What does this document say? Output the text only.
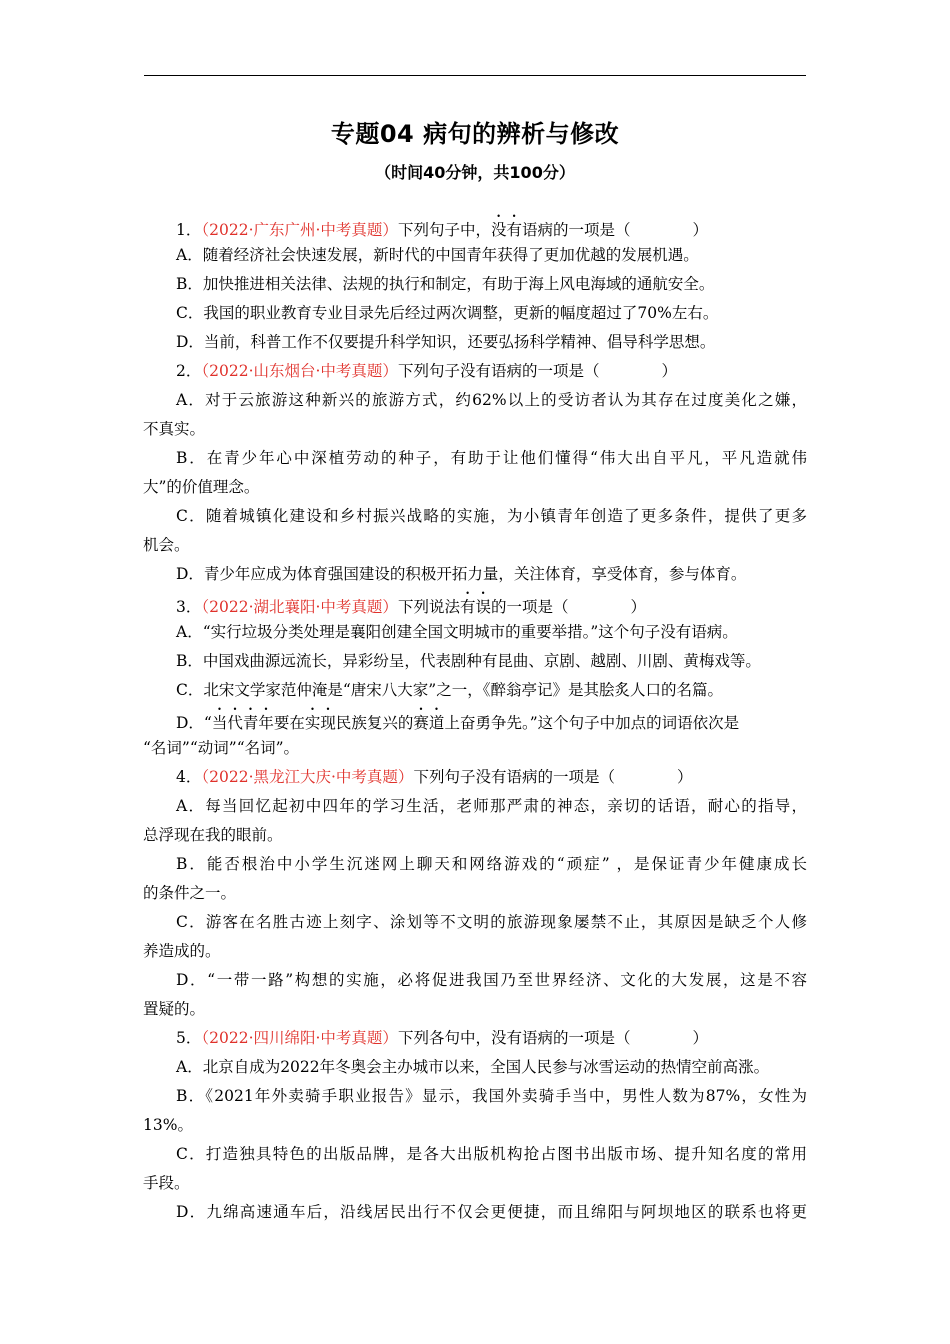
专题04 病句的辨析与修改
（时间40分钟，共100分）
1．（2022·广东广州·中考真题）下列句子中，没有语病的一项是（	）
A．随着经济社会快速发展，新时代的中国青年获得了更加优越的发展机遇。
B．加快推进相关法律、法规的执行和制定，有助于海上风电海域的通航安全。
C．我国的职业教育专业目录先后经过两次调整，更新的幅度超过了70%左右。
D．当前，科普工作不仅要提升科学知识，还要弘扬科学精神、倡导科学思想。
2．（2022·山东烟台·中考真题）下列句子没有语病的一项是（	）
A．对于云旅游这种新兴的旅游方式，约62%以上的受访者认为其存在过度美化之嫌，
不真实。
B．在青少年心中深植劳动的种子，有助于让他们懂得“伟大出自平凡，平凡造就伟
大”的价值理念。
C．随着城镇化建设和乡村振兴战略的实施，为小镇青年创造了更多条件，提供了更多
机会。
D．青少年应成为体育强国建设的积极开拓力量，关注体育，享受体育，参与体育。
3．（2022·湖北襄阳·中考真题）下列说法有误的一项是（	）
A．“实行垃圾分类处理是襄阳创建全国文明城市的重要举措。”这个句子没有语病。
B．中国戏曲源远流长，异彩纷呈，代表剧种有昆曲、京剧、越剧、川剧、黄梅戏等。
C．北宋文学家范仲淹是“唐宋八大家”之一，《醉翁亭记》是其脍炙人口的名篇。
D．“当代青年要在实现民族复兴的赛道上奋勇争先。”这个句子中加点的词语依次是
“名词”“动词”“名词”。
4．（2022·黑龙江大庆·中考真题）下列句子没有语病的一项是（	）
A．每当回忆起初中四年的学习生活，老师那严肃的神态，亲切的话语，耐心的指导，
总浮现在我的眼前。
B．能否根治中小学生沉迷网上聊天和网络游戏的“顽症” ，是保证青少年健康成长
的条件之一。
C．游客在名胜古迹上刻字、涂划等不文明的旅游现象屡禁不止，其原因是缺乏个人修
养造成的。
D．“一带一路”构想的实施，必将促进我国乃至世界经济、文化的大发展，这是不容
置疑的。
5．（2022·四川绵阳·中考真题）下列各句中，没有语病的一项是（	）
A．北京自成为2022年冬奥会主办城市以来，全国人民参与冰雪运动的热情空前高涨。
B．《2021年外卖骑手职业报告》显示，我国外卖骑手当中，男性人数为87%，女性为
13%。
C．打造独具特色的出版品牌，是各大出版机构抢占图书出版市场、提升知名度的常用
手段。
D．九绵高速通车后，沿线居民出行不仅会更便捷，而且绵阳与阿坝地区的联系也将更
